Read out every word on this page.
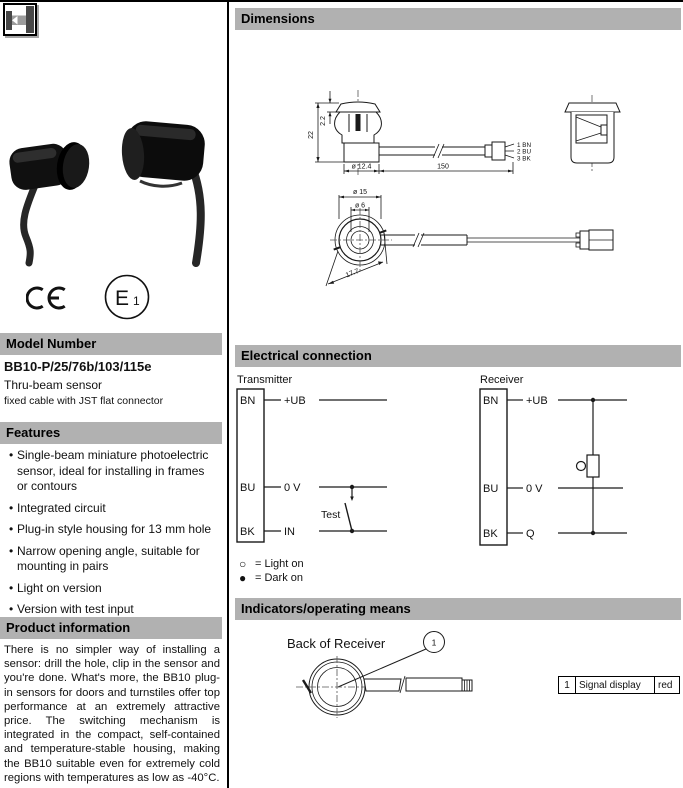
E 1
Model Number
BB10-P/25/76b/103/115e
Thru-beam sensor
fixed cable with JST flat connector
Features
• Single-beam miniature photoelectric sensor, ideal for installing in frames or contours
• Integrated circuit
• Plug-in style housing for 13 mm hole
• Narrow opening angle, suitable for mounting in pairs
• Light on version
• Version with test input
Product information
There is no simpler way of installing a sensor: drill the hole, clip in the sensor and you're done. What's more, the BB10 plug-in sensors for doors and turnstiles offer top performance at an extremely attractive price. The switching mechanism is integrated in the compact, self-contained and temperature-stable housing, making the BB10 suitable even for extremely cold regions with temperatures as low as -40°C.
Dimensions
22
2.2
ø 12.4	150
1 BN
2 BU
3 BK
ø 15
ø 6
17.7
Electrical connection
Transmitter
BN
BU
BK
+UB
0 V
IN
Test
Receiver
BN
BU
BK
+UB
0 V
Q
○ = Light on
● = Dark on
Indicators/operating means
Back of Receiver	1
1	Signal display	red
